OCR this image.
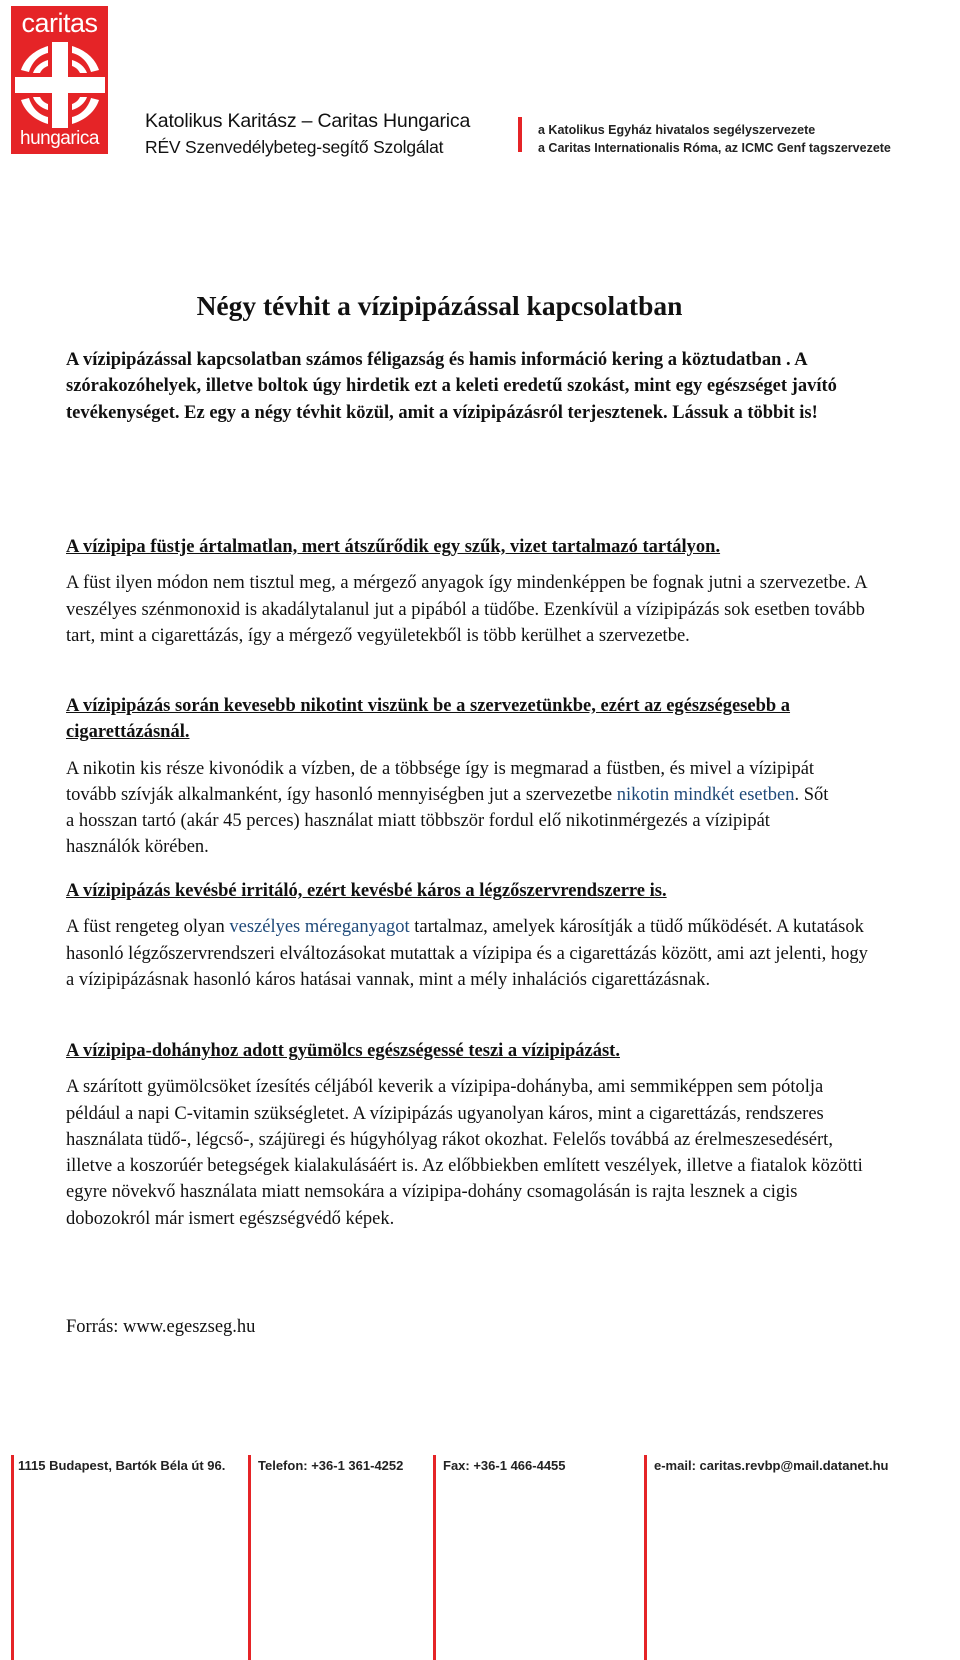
caritas
hungarica
Katolikus Karitász – Caritas Hungarica
RÉV Szenvedélybeteg-segítő Szolgálat
a Katolikus Egyház hivatalos segélyszervezete
a Caritas Internationalis Róma, az ICMC Genf tagszervezete
Négy tévhit a vízipipázással kapcsolatban
A vízipipázással kapcsolatban számos féligazság és hamis információ kering a köztudatban . A szórakozóhelyek, illetve boltok úgy hirdetik ezt a keleti eredetű szokást, mint egy egészséget javító tevékenységet. Ez egy a négy tévhit közül, amit a vízipipázásról terjesztenek. Lássuk a többit is!
A vízipipa füstje ártalmatlan, mert átszűrődik egy szűk, vizet tartalmazó tartályon.
A füst ilyen módon nem tisztul meg, a mérgező anyagok így mindenképpen be fognak jutni a szervezetbe. A veszélyes szénmonoxid is akadálytalanul jut a pipából a tüdőbe. Ezenkívül a vízipipázás sok esetben tovább tart, mint a cigarettázás, így a mérgező vegyületekből is több kerülhet a szervezetbe.
A vízipipázás során kevesebb nikotint viszünk be a szervezetünkbe, ezért az egészségesebb a cigarettázásnál.
A nikotin kis része kivonódik a vízben, de a többsége így is megmarad a füstben, és mivel a vízipipát tovább szívják alkalmanként, így hasonló mennyiségben jut a szervezetbe nikotin mindkét esetben. Sőt a hosszan tartó (akár 45 perces) használat miatt többször fordul elő nikotinmérgezés a vízipipát használók körében.
A vízipipázás kevésbé irritáló, ezért kevésbé káros a légzőszervrendszerre is.
A füst rengeteg olyan veszélyes méreganyagot tartalmaz, amelyek károsítják a tüdő működését. A kutatások hasonló légzőszervrendszeri elváltozásokat mutattak a vízipipa és a cigarettázás között, ami azt jelenti, hogy a vízipipázásnak hasonló káros hatásai vannak, mint a mély inhalációs cigarettázásnak.
A vízipipa-dohányhoz adott gyümölcs egészségessé teszi a vízipipázást.
A szárított gyümölcsöket ízesítés céljából keverik a vízipipa-dohányba, ami semmiképpen sem pótolja például a napi C-vitamin szükségletet. A vízipipázás ugyanolyan káros, mint a cigarettázás, rendszeres használata tüdő-, légcső-, szájüregi és húgyhólyag rákot okozhat. Felelős továbbá az érelmeszesedésért, illetve a koszorúér betegségek kialakulásáért is. Az előbbiekben említett veszélyek, illetve a fiatalok közötti egyre növekvő használata miatt nemsokára a vízipipa-dohány csomagolásán is rajta lesznek a cigis dobozokról már ismert egészségvédő képek.
Forrás: www.egeszseg.hu
1115 Budapest, Bartók Béla út 96.	Telefon: +36-1 361-4252	Fax: +36-1 466-4455	e-mail: caritas.revbp@mail.datanet.hu
